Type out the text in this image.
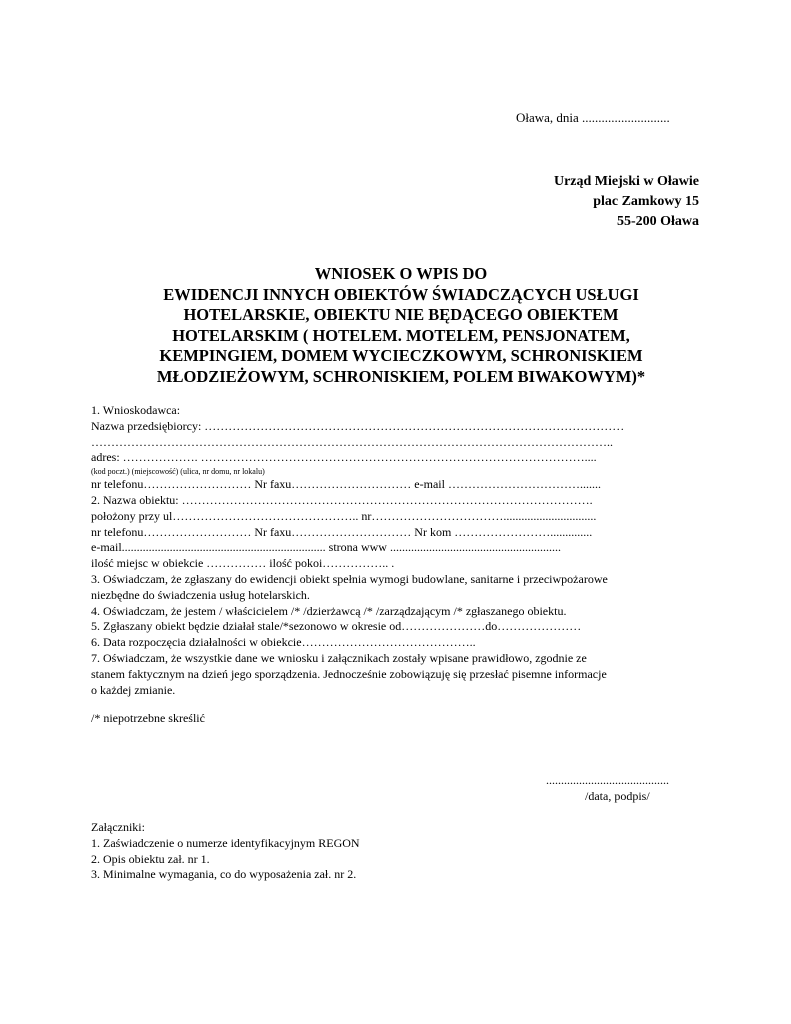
Oława, dnia ...........................
Urząd Miejski w Oławie
plac Zamkowy 15
55-200 Oława
WNIOSEK O WPIS DO
EWIDENCJI INNYCH OBIEKTÓW ŚWIADCZĄCYCH USŁUGI
HOTELARSKIE, OBIEKTU NIE BĘDĄCEGO OBIEKTEM
HOTELARSKIM ( HOTELEM. MOTELEM, PENSJONATEM,
KEMPINGIEM, DOMEM WYCIECZKOWYM, SCHRONISKIEM
MŁODZIEŻOWYM, SCHRONISKIEM, POLEM BIWAKOWYM)*
1. Wnioskodawca:
Nazwa przedsiębiorcy: ……………………………………………………………………………………………
…………………………………………………………………………………………………………………..
adres: ………………. ……………………………………………………………………………………....
(kod poczt.) (miejscowość) (ulica, nr domu, nr lokalu)
nr telefonu……………………… Nr faxu………………………… e-mail …………………………….......
2. Nazwa obiektu: ………………………………………………………………………………………….
położony przy ul……………………………………….. nr……………………………...............................
nr telefonu……………………… Nr faxu………………………… Nr kom ……………………..............
e-mail.................................................................... strona www .........................................................
ilość miejsc w obiekcie …………… ilość pokoi…………….. .
3. Oświadczam, że zgłaszany do ewidencji obiekt spełnia wymogi budowlane, sanitarne i przeciwpożarowe
niezbędne do świadczenia usług hotelarskich.
4. Oświadczam, że jestem / właścicielem /* /dzierżawcą /* /zarządzającym /* zgłaszanego obiektu.
5. Zgłaszany obiekt będzie działał stale/*sezonowo w okresie od…………………do…………………
6. Data rozpoczęcia działalności w obiekcie……………………………………..
7. Oświadczam, że wszystkie dane we wniosku i załącznikach zostały wpisane prawidłowo, zgodnie ze
stanem faktycznym na dzień jego sporządzenia. Jednocześnie zobowiązuję się przesłać pisemne informacje
o każdej zmianie.
/* niepotrzebne skreślić
.........................................
/data, podpis/
Załączniki:
1. Zaświadczenie o numerze identyfikacyjnym REGON
2. Opis obiektu zał. nr 1.
3. Minimalne wymagania, co do wyposażenia zał. nr 2.
